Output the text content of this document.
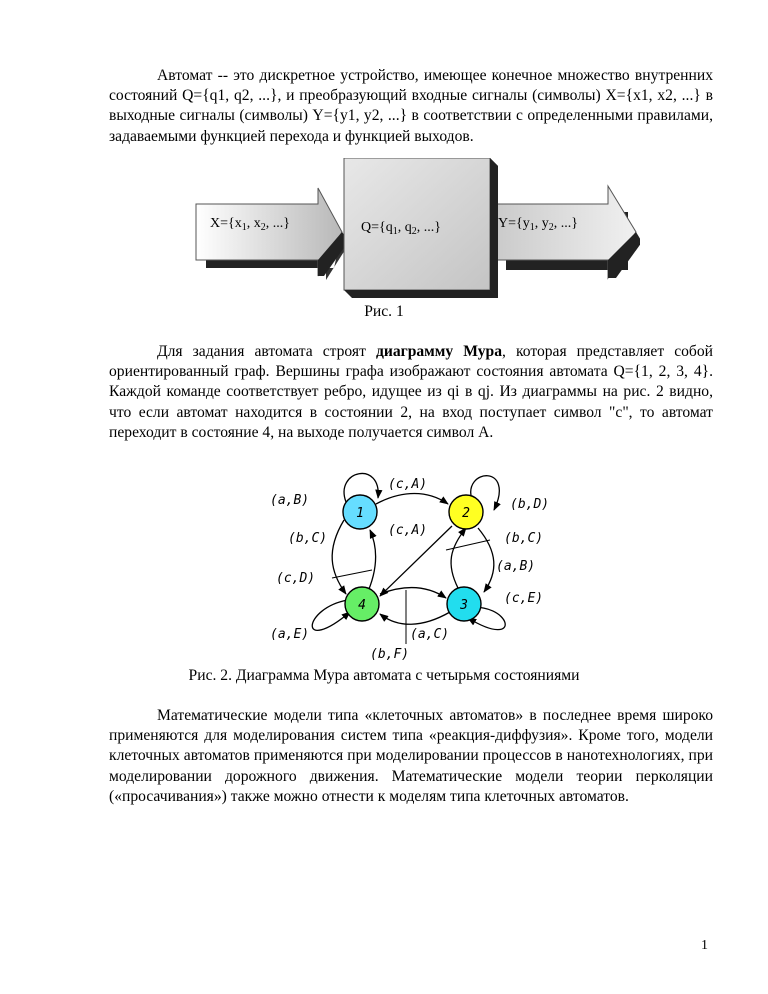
Автомат -- это дискретное устройство, имеющее конечное множество внутренних состояний Q={q1, q2, ...}, и преобразующий входные сигналы (символы) X={x1, x2, ...} в выходные сигналы (символы) Y={y1, y2, ...} в соответствии с определенными правилами, задаваемыми функцией перехода и функцией выходов.

$X=\{x_1$, $x_2$, ...}	$Q=\{q_1$, $q_2$, ...}	$Y=\{y_1$, $y_2$, ...}
Рис. 1

Для задания автомата строят диаграмму Мура, которая представляет собой ориентированный граф. Вершины графа изображают состояния автомата Q={1, 2, 3, 4}. Каждой команде соответствует ребро, идущее из qi в qj. Из диаграммы на рис. 2 видно, что если автомат находится в состоянии 2, на вход поступает символ "c", то автомат переходит в состояние 4, на выходе получается символ A.

1	2
3
4
(a,B)
(c,A)
(b,D)
(b,C)
(c,A)
(b,C)
(a,B)
(c,D)
(c,E)
(a,E)	(a,C)
(b,F)
Рис. 2. Диаграмма Мура автомата с четырьмя состояниями

Математические модели типа «клеточных автоматов» в последнее время широко применяются для моделирования систем типа «реакция-диффузия». Кроме того, модели клеточных автоматов применяются при моделировании процессов в нанотехнологиях, при моделировании дорожного движения. Математические модели теории перколяции («просачивания») также можно отнести к моделям типа клеточных автоматов.

1
